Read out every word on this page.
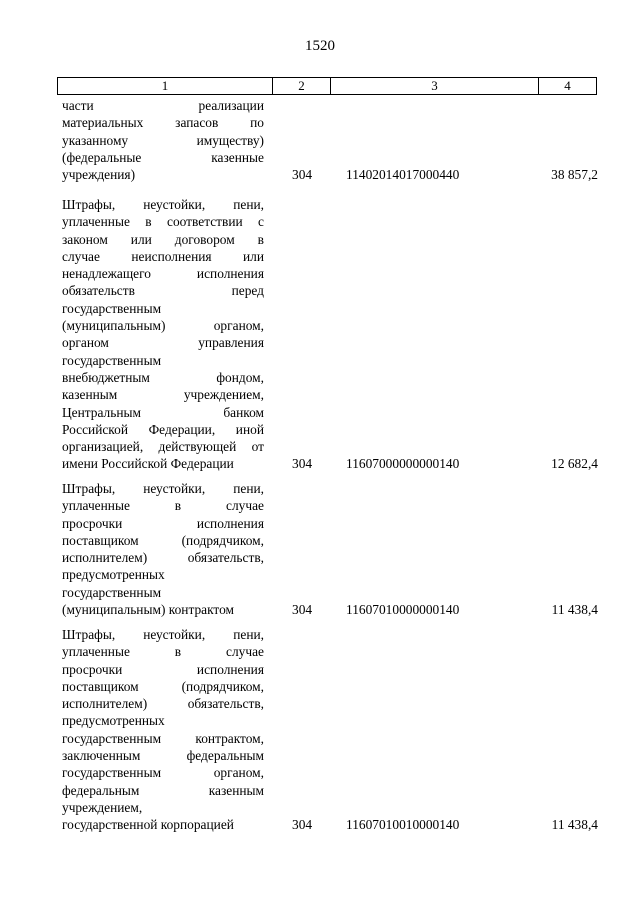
1520
1	2	3	4
части реализации
материальных запасов по
указанному имущеcтву)
(федеральные казенные
учреждения)	304	11402014017000440	38 857,2
Штрафы, неустойки, пени,
уплаченные в соответствии с
законом или договором в
случае неисполнения или
ненадлежащего исполнения
обязательств перед
государственным
(муниципальным) органом,
органом управления
государственным
внебюджетным фондом,
казенным учреждением,
Центральным банком
Российской Федерации, иной
организацией, действующей от
имени Российской Федерации	304	11607000000000140	12 682,4
Штрафы, неустойки, пени,
уплаченные в случае
просрочки исполнения
поставщиком (подрядчиком,
исполнителем) обязательств,
предусмотренных
государственным
(муниципальным) контрактом	304	11607010000000140	11 438,4
Штрафы, неустойки, пени,
уплаченные в случае
просрочки исполнения
поставщиком (подрядчиком,
исполнителем) обязательств,
предусмотренных
государственным контрактом,
заключенным федеральным
государственным органом,
федеральным казенным
учреждением,
государственной корпорацией	304	11607010010000140	11 438,4
